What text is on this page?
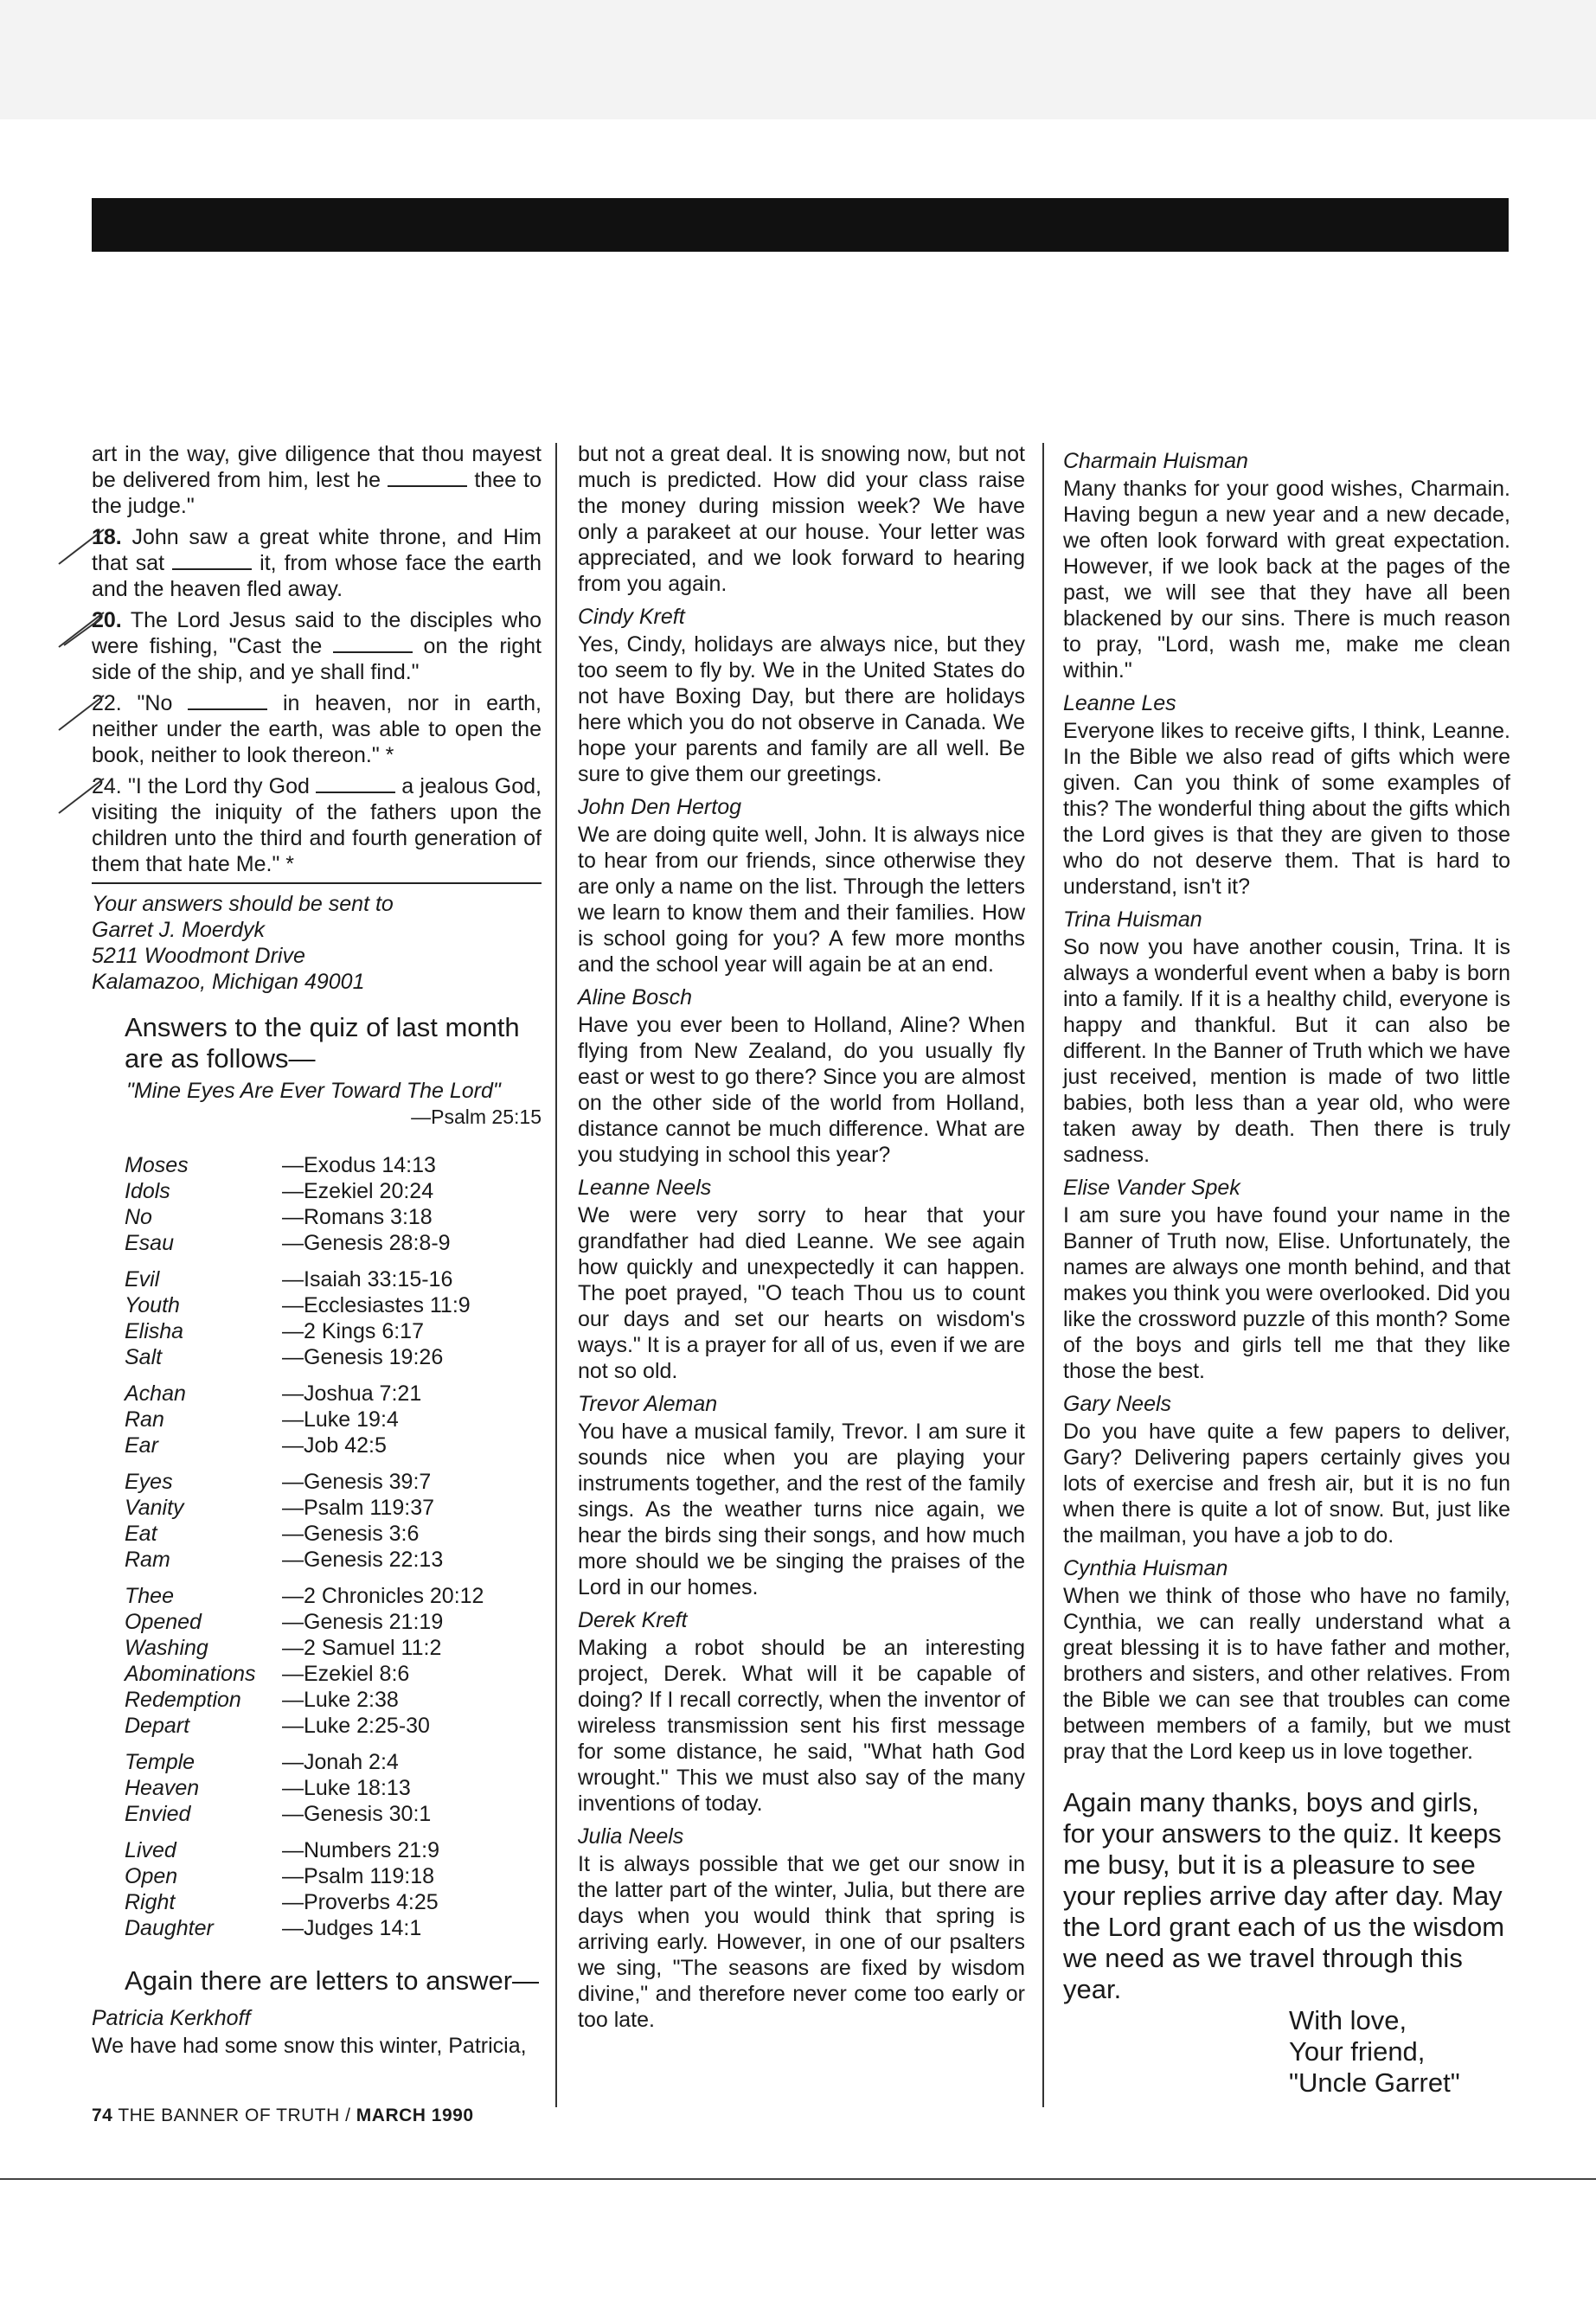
art in the way, give diligence that thou mayest be delivered from him, lest he	thee to the judge."

18. John saw a great white throne, and Him that sat	it, from whose face the earth and the heaven fled away.

20. The Lord Jesus said to the disciples who were fishing, "Cast the	on the right side of the ship, and ye shall find."

22. "No	in heaven, nor in earth, neither under the earth, was able to open the book, neither to look thereon." *

24. "I the Lord thy God	a jealous God, visiting the iniquity of the fathers upon the children unto the third and fourth generation of them that hate Me." *

Your answers should be sent to

Garret J. Moerdyk

5211 Woodmont Drive

Kalamazoo, Michigan 49001

Answers to the quiz of last month are as follows—
"Mine Eyes Are Ever Toward The Lord"
—Psalm 25:15
Moses	—Exodus 14:13
Idols	—Ezekiel 20:24
No	—Romans 3:18
Esau	—Genesis 28:8-9
Evil	—Isaiah 33:15-16
Youth	—Ecclesiastes 11:9
Elisha	—2 Kings 6:17
Salt	—Genesis 19:26
Achan	—Joshua 7:21
Ran	—Luke 19:4
Ear	—Job 42:5
Eyes	—Genesis 39:7
Vanity	—Psalm 119:37
Eat	—Genesis 3:6
Ram	—Genesis 22:13
Thee	—2 Chronicles 20:12
Opened	—Genesis 21:19
Washing	—2 Samuel 11:2
Abominations	—Ezekiel 8:6
Redemption	—Luke 2:38
Depart	—Luke 2:25-30
Temple	—Jonah 2:4
Heaven	—Luke 18:13
Envied	—Genesis 30:1
Lived	—Numbers 21:9
Open	—Psalm 119:18
Right	—Proverbs 4:25
Daughter	—Judges 14:1
Again there are letters to answer—

Patricia Kerkhoff

We have had some snow this winter, Patricia,

but not a great deal. It is snowing now, but not much is predicted. How did your class raise the money during mission week? We have only a parakeet at our house. Your letter was appreciated, and we look forward to hearing from you again.

Cindy Kreft

Yes, Cindy, holidays are always nice, but they too seem to fly by. We in the United States do not have Boxing Day, but there are holidays here which you do not observe in Canada. We hope your parents and family are all well. Be sure to give them our greetings.

John Den Hertog

We are doing quite well, John. It is always nice to hear from our friends, since otherwise they are only a name on the list. Through the letters we learn to know them and their families. How is school going for you? A few more months and the school year will again be at an end.

Aline Bosch

Have you ever been to Holland, Aline? When flying from New Zealand, do you usually fly east or west to go there? Since you are almost on the other side of the world from Holland, distance cannot be much difference. What are you studying in school this year?

Leanne Neels

We were very sorry to hear that your grandfather had died Leanne. We see again how quickly and unexpectedly it can happen. The poet prayed, "O teach Thou us to count our days and set our hearts on wisdom's ways." It is a prayer for all of us, even if we are not so old.

Trevor Aleman

You have a musical family, Trevor. I am sure it sounds nice when you are playing your instruments together, and the rest of the family sings. As the weather turns nice again, we hear the birds sing their songs, and how much more should we be singing the praises of the Lord in our homes.

Derek Kreft

Making a robot should be an interesting project, Derek. What will it be capable of doing? If I recall correctly, when the inventor of wireless transmission sent his first message for some distance, he said, "What hath God wrought." This we must also say of the many inventions of today.

Julia Neels

It is always possible that we get our snow in the latter part of the winter, Julia, but there are days when you would think that spring is arriving early. However, in one of our psalters we sing, "The seasons are fixed by wisdom divine," and therefore never come too early or too late.

Charmain Huisman

Many thanks for your good wishes, Charmain. Having begun a new year and a new decade, we often look forward with great expectation. However, if we look back at the pages of the past, we will see that they have all been blackened by our sins. There is much reason to pray, "Lord, wash me, make me clean within."

Leanne Les

Everyone likes to receive gifts, I think, Leanne. In the Bible we also read of gifts which were given. Can you think of some examples of this? The wonderful thing about the gifts which the Lord gives is that they are given to those who do not deserve them. That is hard to understand, isn't it?

Trina Huisman

So now you have another cousin, Trina. It is always a wonderful event when a baby is born into a family. If it is a healthy child, everyone is happy and thankful. But it can also be different. In the Banner of Truth which we have just received, mention is made of two little babies, both less than a year old, who were taken away by death. Then there is truly sadness.

Elise Vander Spek

I am sure you have found your name in the Banner of Truth now, Elise. Unfortunately, the names are always one month behind, and that makes you think you were overlooked. Did you like the crossword puzzle of this month? Some of the boys and girls tell me that they like those the best.

Gary Neels

Do you have quite a few papers to deliver, Gary? Delivering papers certainly gives you lots of exercise and fresh air, but it is no fun when there is quite a lot of snow. But, just like the mailman, you have a job to do.

Cynthia Huisman

When we think of those who have no family, Cynthia, we can really understand what a great blessing it is to have father and mother, brothers and sisters, and other relatives. From the Bible we can see that troubles can come between members of a family, but we must pray that the Lord keep us in love together.

Again many thanks, boys and girls, for your answers to the quiz. It keeps me busy, but it is a pleasure to see your replies arrive day after day. May the Lord grant each of us the wisdom we need as we travel through this year.
With love,
Your friend,
"Uncle Garret"
74 THE BANNER OF TRUTH / MARCH 1990
